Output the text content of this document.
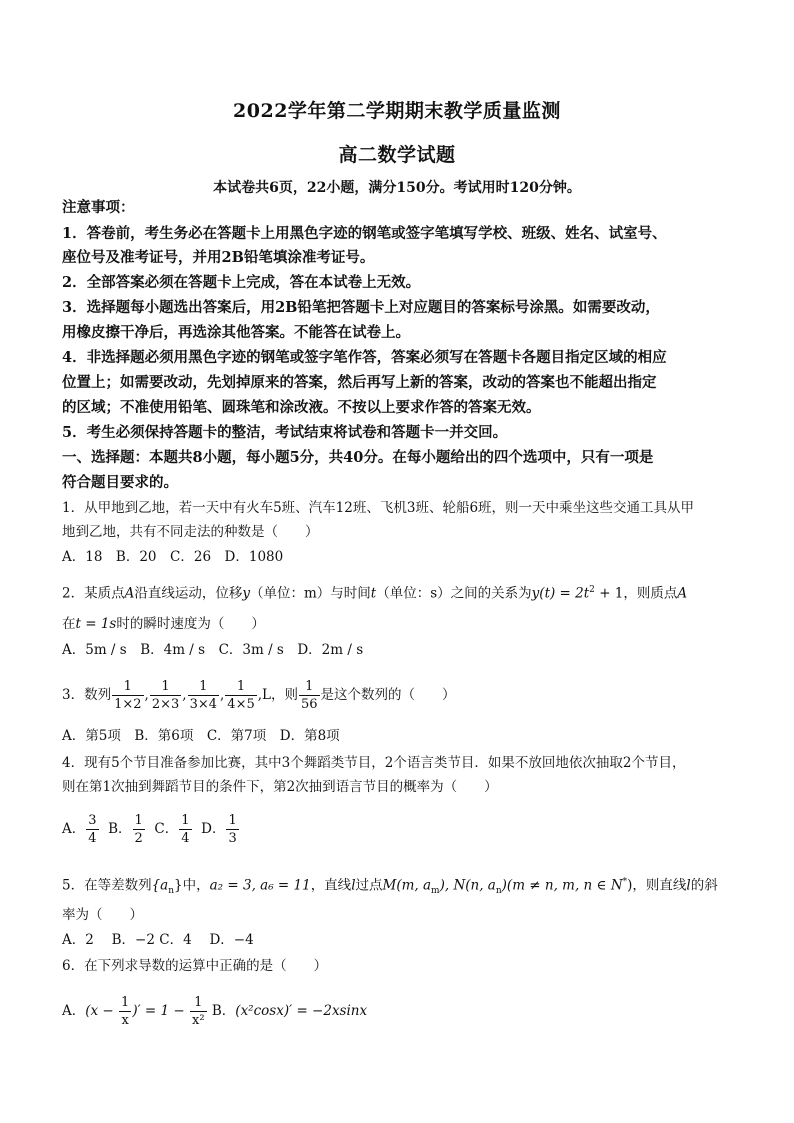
2022学年第二学期期末教学质量监测
高二数学试题
本试卷共6页，22小题，满分150分。考试用时120分钟。
注意事项：
1．答卷前，考生务必在答题卡上用黑色字迹的钢笔或签字笔填写学校、班级、姓名、试室号、
座位号及准考证号，并用2B铅笔填涂准考证号。
2．全部答案必须在答题卡上完成，答在本试卷上无效。
3．选择题每小题选出答案后，用2B铅笔把答题卡上对应题目的答案标号涂黑。如需要改动，
用橡皮擦干净后，再选涂其他答案。不能答在试卷上。
4．非选择题必须用黑色字迹的钢笔或签字笔作答，答案必须写在答题卡各题目指定区域的相应
位置上；如需要改动，先划掉原来的答案，然后再写上新的答案，改动的答案也不能超出指定
的区域；不准使用铅笔、圆珠笔和涂改液。不按以上要求作答的答案无效。
5．考生必须保持答题卡的整洁，考试结束将试卷和答题卡一并交回。
一、选择题：本题共8小题，每小题5分，共40分。在每小题给出的四个选项中，只有一项是
符合题目要求的。
1．从甲地到乙地，若一天中有火车5班、汽车12班、飞机3班、轮船6班，则一天中乘坐这些交通工具从甲
地到乙地，共有不同走法的种数是（　　）
A．18　B．20　C．26　D．1080
2．某质点A沿直线运动，位移y（单位：m）与时间t（单位：s）之间的关系为$y(t) = 2t^2 + 1$，则质点A
在t = 1s时的瞬时速度为（　　）
A．5m / s　B．4m / s　C．3m / s　D．2m / s
3．数列 $\frac{1}{1\times 2}$ , $\frac{1}{2\times 3}$ , $\frac{1}{3\times 4}$ , $\frac{1}{4\times 5} ,L$，则 $\frac{1}{56}$ 是这个数列的（　　）
A．第5项　B．第6项　C．第7项　D．第8项
4．现有5个节目准备参加比赛，其中3个舞蹈类节目，2个语言类节目．如果不放回地依次抽取2个节目，
则在第1次抽到舞蹈节目的条件下，第2次抽到语言节目的概率为（　　）
A． $\frac{3}{4}$ B． $\frac{1}{2}$ C． $\frac{1}{4}$ D． $\frac{1}{3}$
5．在等差数列$\{a_n\}$中，a₂ = 3, a₆ = 11，直线l过点M(m, $a_m$), N(n, $a_n)(m \ne n$, m, n ∈ N*)，则直线l的斜
率为（　　）
A．2　 B．−2 C．4　 D．−4
6．在下列求导数的运算中正确的是（　　）
A．($x - \frac{1}{x}$ )′ = $1 - \frac{1}{\text{x²}}$ B．(x²cosx)′ = −2xsinx
